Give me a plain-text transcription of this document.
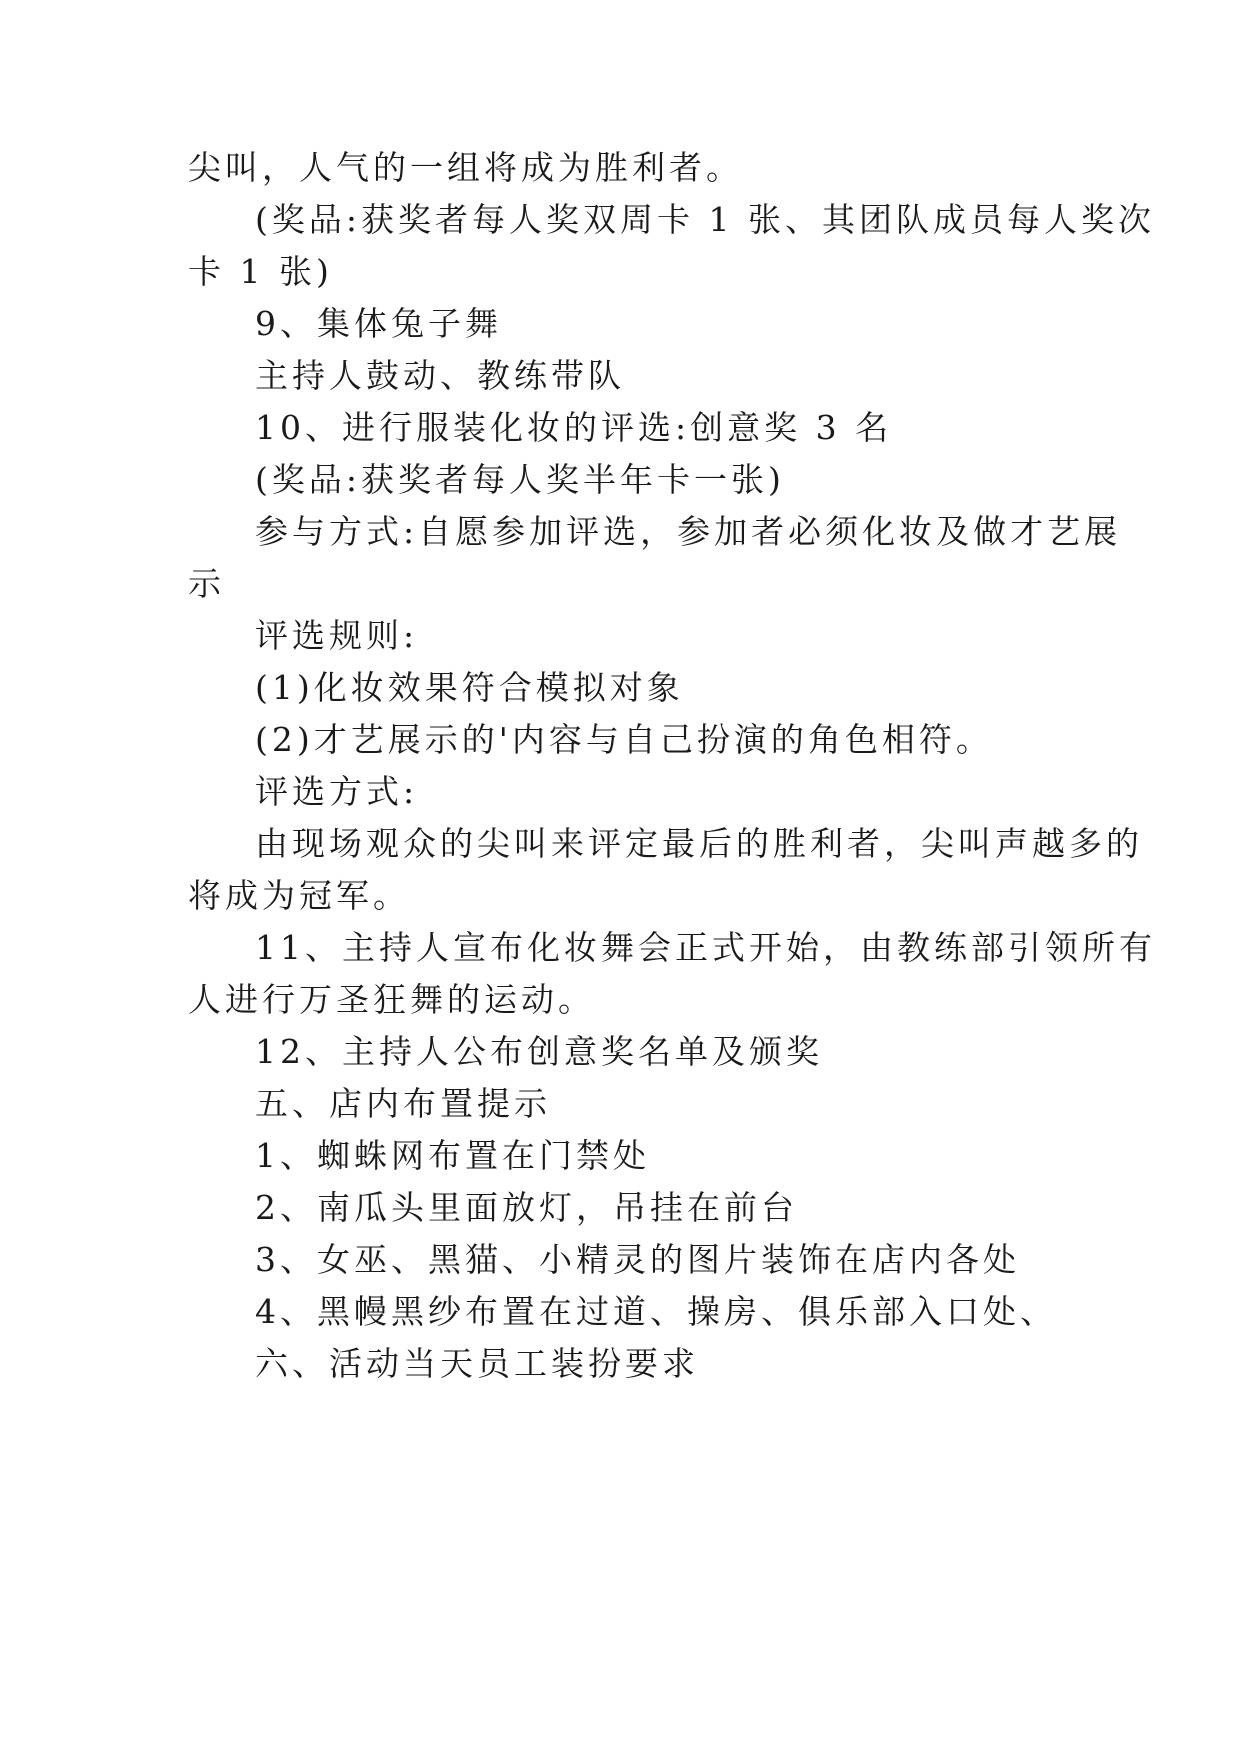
尖叫，人气的一组将成为胜利者。
(奖品:获奖者每人奖双周卡 1 张、其团队成员每人奖次
卡 1 张)
9、集体兔子舞
主持人鼓动、教练带队
10、进行服装化妆的评选:创意奖 3 名
(奖品:获奖者每人奖半年卡一张)
参与方式:自愿参加评选，参加者必须化妆及做才艺展
示
评选规则:
(1)化妆效果符合模拟对象
(2)才艺展示的'内容与自己扮演的角色相符。
评选方式:
由现场观众的尖叫来评定最后的胜利者，尖叫声越多的
将成为冠军。
11、主持人宣布化妆舞会正式开始，由教练部引领所有
人进行万圣狂舞的运动。
12、主持人公布创意奖名单及颁奖
五、店内布置提示
1、蜘蛛网布置在门禁处
2、南瓜头里面放灯，吊挂在前台
3、女巫、黑猫、小精灵的图片装饰在店内各处
4、黑幔黑纱布置在过道、操房、俱乐部入口处、
六、活动当天员工装扮要求
